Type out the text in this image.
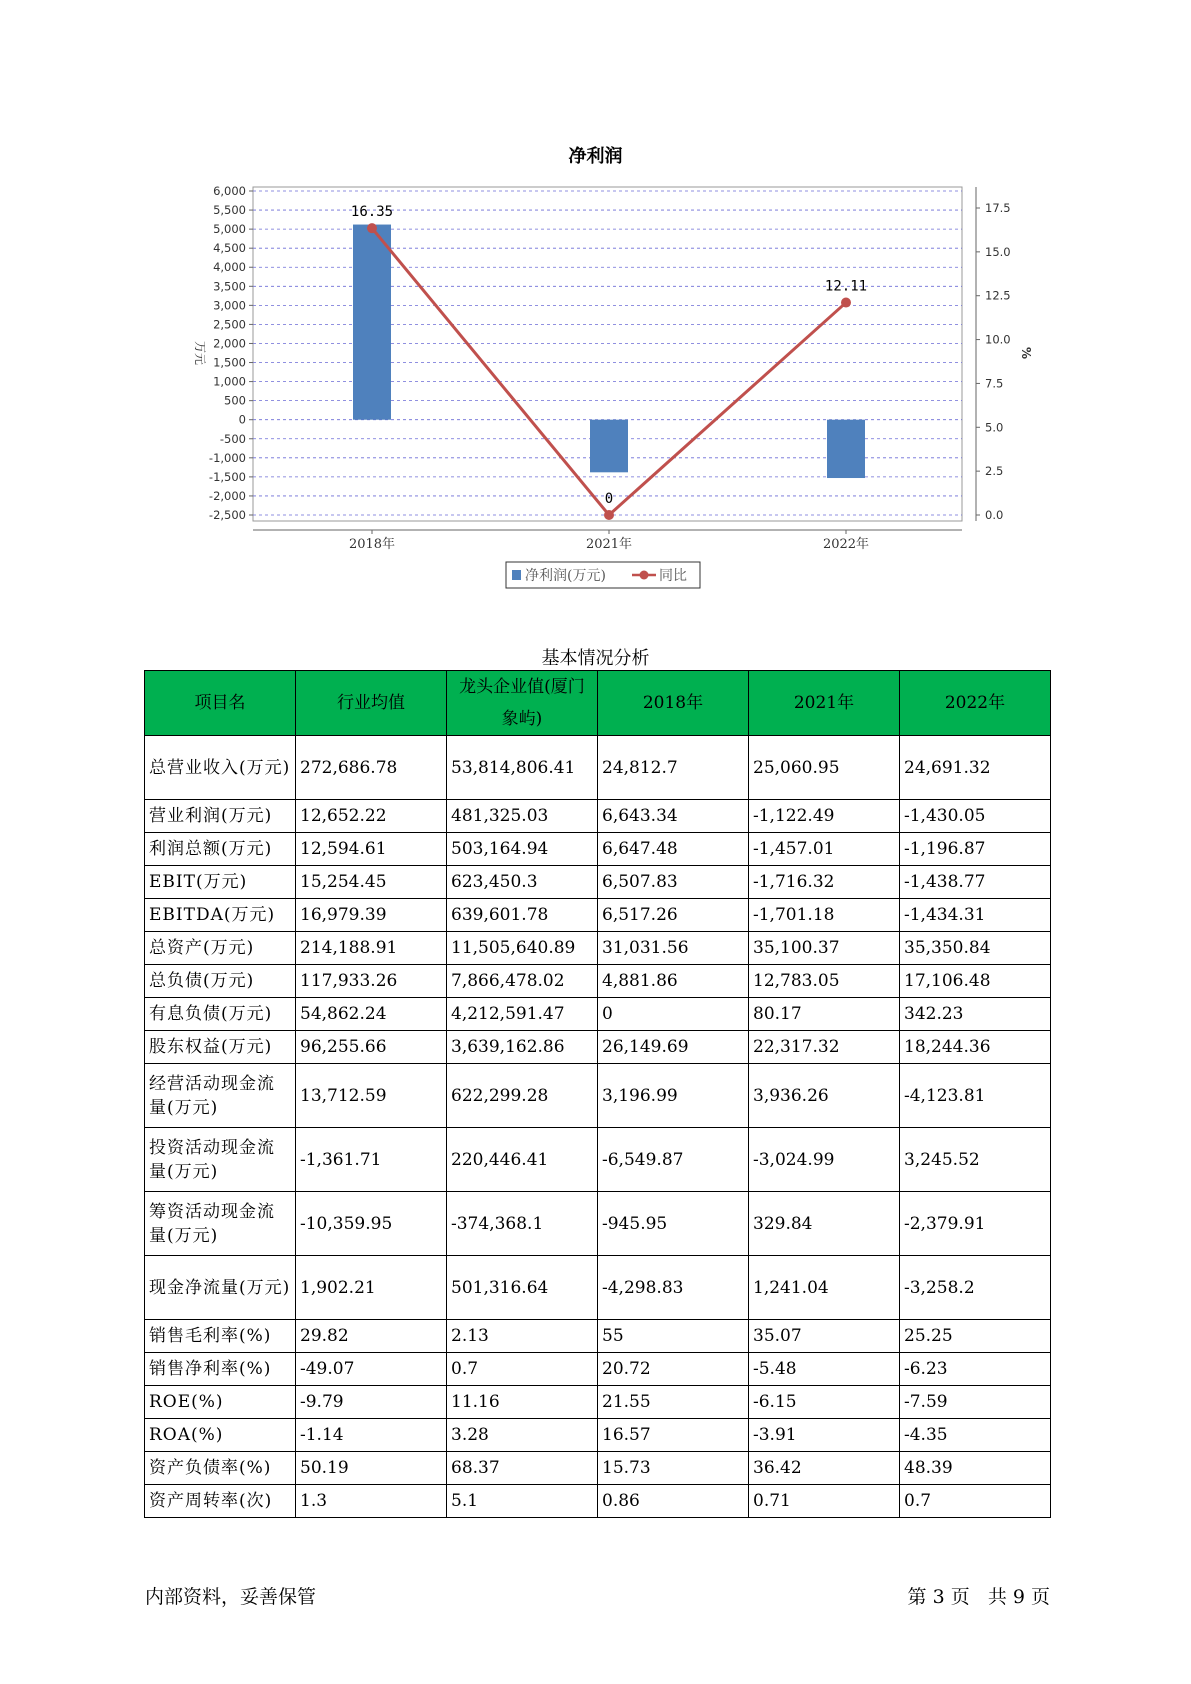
净利润
6,000
5,500
5,000
4,500
4,000
3,500
3,000
2,500
2,000
1,500
1,000
500
0
-500
-1,000
-1,500
-2,000
-2,500
17.5
15.0
12.5
10.0
7.5
5.0
2.5
0.0
2018年	2021年	2022年
万元	%
16.35
0
12.11
净利润(万元)	同比
基本情况分析
项目名	行业均值	龙头企业值(厦门象屿)	2018年	2021年	2022年
总营业收入(万元)	272,686.78	53,814,806.41	24,812.7	25,060.95	24,691.32
营业利润(万元)	12,652.22	481,325.03	6,643.34	-1,122.49	-1,430.05
利润总额(万元)	12,594.61	503,164.94	6,647.48	-1,457.01	-1,196.87
EBIT(万元)	15,254.45	623,450.3	6,507.83	-1,716.32	-1,438.77
EBITDA(万元)	16,979.39	639,601.78	6,517.26	-1,701.18	-1,434.31
总资产(万元)	214,188.91	11,505,640.89	31,031.56	35,100.37	35,350.84
总负债(万元)	117,933.26	7,866,478.02	4,881.86	12,783.05	17,106.48
有息负债(万元)	54,862.24	4,212,591.47	0	80.17	342.23
股东权益(万元)	96,255.66	3,639,162.86	26,149.69	22,317.32	18,244.36
经营活动现金流量(万元)	13,712.59	622,299.28	3,196.99	3,936.26	-4,123.81
投资活动现金流量(万元)	-1,361.71	220,446.41	-6,549.87	-3,024.99	3,245.52
筹资活动现金流量(万元)	-10,359.95	-374,368.1	-945.95	329.84	-2,379.91
现金净流量(万元)	1,902.21	501,316.64	-4,298.83	1,241.04	-3,258.2
销售毛利率(%)	29.82	2.13	55	35.07	25.25
销售净利率(%)	-49.07	0.7	20.72	-5.48	-6.23
ROE(%)	-9.79	11.16	21.55	-6.15	-7.59
ROA(%)	-1.14	3.28	16.57	-3.91	-4.35
资产负债率(%)	50.19	68.37	15.73	36.42	48.39
资产周转率(次)	1.3	5.1	0.86	0.71	0.7
内部资料，妥善保管	第 3 页   共 9 页
